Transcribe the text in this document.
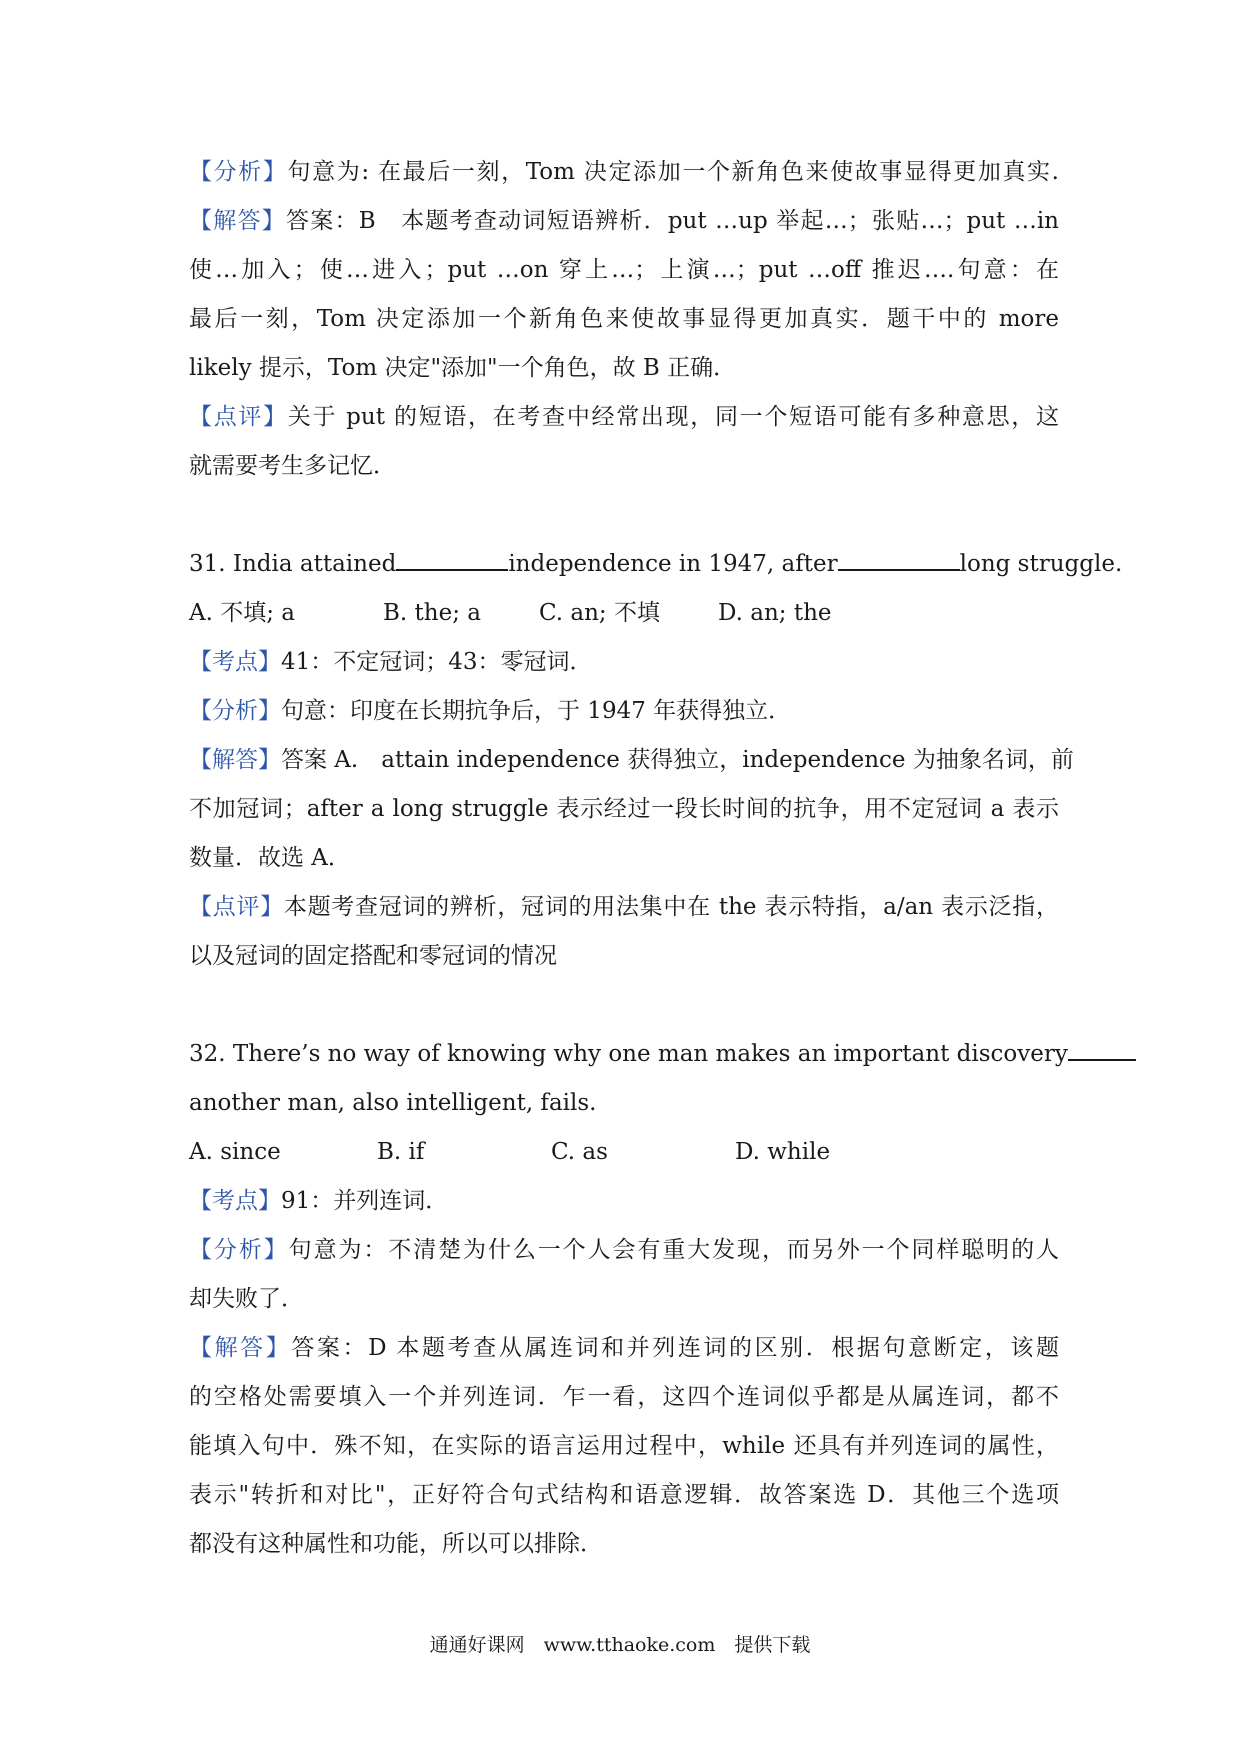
【分析】句意为: 在最后一刻，Tom 决定添加一个新角色来使故事显得更加真实.
【解答】答案：B　本题考查动词短语辨析．put …up 举起…；张贴…；put …in
使…加入；使…进入；put …on 穿上…；上演…；put …off 推迟….句意：在
最后一刻，Tom 决定添加一个新角色来使故事显得更加真实．题干中的 more
likely 提示，Tom 决定"添加"一个角色，故 B 正确．
【点评】关于 put 的短语，在考查中经常出现，同一个短语可能有多种意思，这
就需要考生多记忆．
31. India attained	independence in 1947, after	long struggle.
A. 不填; a	B. the; a	C. an; 不填	D. an; the
【考点】41：不定冠词；43：零冠词．
【分析】句意：印度在长期抗争后，于 1947 年获得独立．
【解答】答案 A.　attain independence 获得独立，independence 为抽象名词，前
不加冠词；after a long struggle 表示经过一段长时间的抗争，用不定冠词 a 表示
数量．故选 A．
【点评】本题考查冠词的辨析，冠词的用法集中在 the 表示特指，a/an 表示泛指，
以及冠词的固定搭配和零冠词的情况
32. There’s no way of knowing why one man makes an important discovery
another man, also intelligent, fails.
A. since	B. if	C. as	D. while
【考点】91：并列连词．
【分析】句意为：不清楚为什么一个人会有重大发现，而另外一个同样聪明的人
却失败了．
【解答】答案：D 本题考查从属连词和并列连词的区别．根据句意断定，该题
的空格处需要填入一个并列连词．乍一看，这四个连词似乎都是从属连词，都不
能填入句中．殊不知，在实际的语言运用过程中，while 还具有并列连词的属性，
表示"转折和对比"，正好符合句式结构和语意逻辑．故答案选 D．其他三个选项
都没有这种属性和功能，所以可以排除．
通通好课网　www.tthaoke.com　提供下载
